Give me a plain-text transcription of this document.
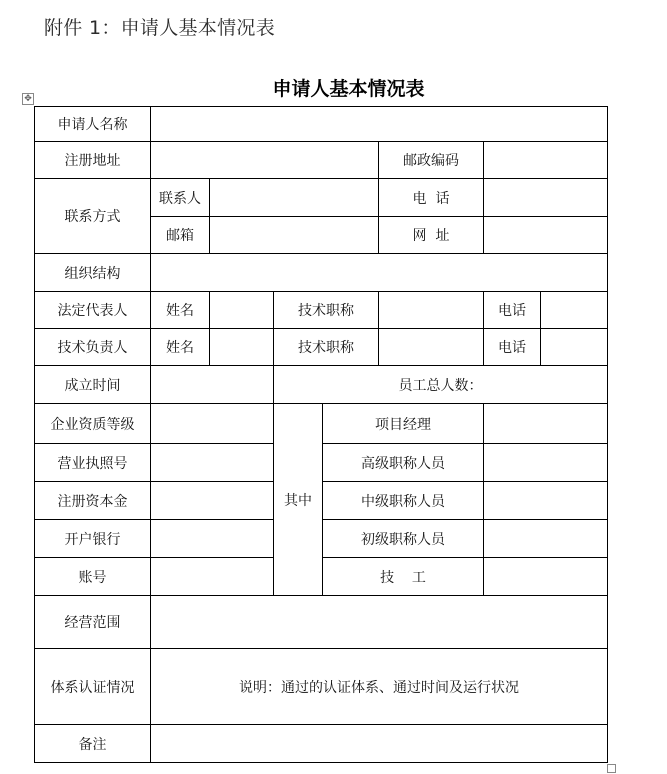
附件 1：申请人基本情况表
申请人基本情况表
✥
申请人名称							
注册地址					邮政编码		
联系方式	联系人				电  话		
	邮箱				网  址		
组织结构							
法定代表人	姓名		技术职称			电话	
技术负责人	姓名		技术职称			电话	
成立时间			员工总人数：				
企业资质等级			其中	项目经理			
营业执照号				高级职称人员			
注册资本金				中级职称人员			
开户银行				初级职称人员			
账号				技    工			
经营范围							
体系认证情况	说明：通过的认证体系、通过时间及运行状况						
备注							
